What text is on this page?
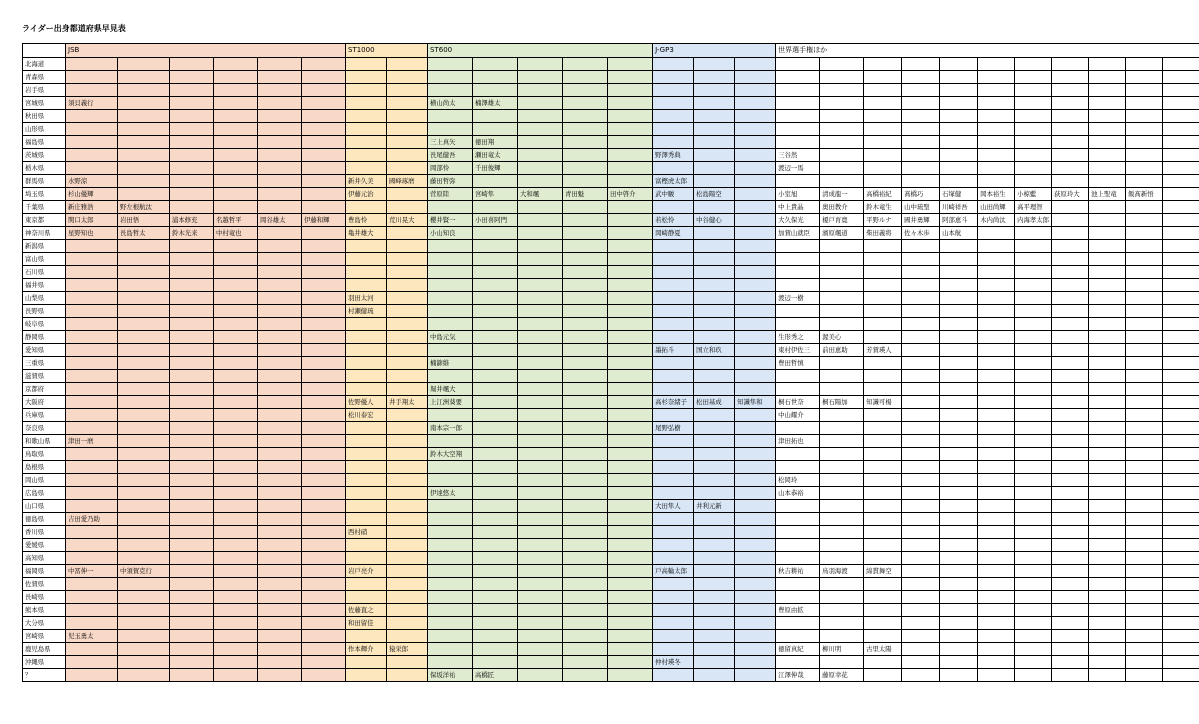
ライダー出身都道府県早見表
	JSB						ST1000		ST600					J-GP3			世界選手権ほか										
北海道																											
青森県																											
岩手県																											
宮城県	須貝義行								横山尚太	楠澤雄太																	
秋田県																											
山形県																											
福島県									三上真矢	徳田翔																	
茨城県									長尾健吾	瀬田竜太				野澤秀典			三谷然										
栃木県									岡部怜	千田俊輝							渡辺一馬										
群馬県	水野涼						新井久美	國峰琢磨	藤田哲弥					富樫虎太郎													
埼玉県	杉山優輝						伊藤元治		菅原陸	宮崎隼	大和颯	青田魁	田中啓介	武中駿	松島陽空		小室旭	清成龍一	高橋裕紀	髙橋巧	石塚健	岡本裕生	小椋藍	荻原玲大	池上聖竜	飯髙新悟	
千葉県	新庄雅浩	野左根航汰															中上貴晶	奥田教介	鈴木竜生	山中琉聖	川崎祥吾	山田尚輝	高平理智				
東京都	関口太郎	岩田悟	浦本修充	名越哲平	岡谷雄太	伊藤和輝	豊島怜	荒川晃大	櫻井賢一	小田喜阿門				若松怜	中谷健心		大久保光	榎戸育寛	平野ルナ	國井勇輝	阿部恵斗	木内尚汰	内海孝太郎				
神奈川県	星野知也	長島哲太	鈴木光来	中村竜也			亀井雄大		小山知良					岡崎静夏			加賀山就臣	濱原颯道	柴田義将	佐々木歩	山本航						
新潟県																											
富山県																											
石川県																											
福井県																											
山梨県							羽田太河										渡辺一樹										
長野県							村瀬健琉																				
岐阜県																											
静岡県									中島元気								生形秀之	渥美心									
愛知県														墨拓斗	国立和玖		東村伊佐三	前田恵助	芳賀瑛人								
三重県									楠篩維								豊田哲慎										
滋賀県																											
京都府									堀井颯大																		
大阪府							佐野優人	井手翔太	上江洲葵要					高杉奈緒子	松田基成	知識隼和	桐石世奈	桐石陽加	知識可楊								
兵庫県							松川泰宏										中山耀介										
奈良県									南本宗一郎					尾野弘樹													
和歌山県	津田一磨																津田拓也										
鳥取県									鈴木大空翔																		
島根県																											
岡山県																	松岡玲										
広島県									伊達悠太								山本恭裕										
山口県														大田隼人	井利元新												
徳島県	吉田愛乃助																										
香川県							西村硝																				
愛媛県																											
高知県																											
福岡県	中冨伸一	中須賀克行					岩戸亮介							戸高輪太郎			秋吉耕祐	鳥羽海渡	綿貫舞空								
佐賀県																											
長崎県																											
熊本県							佐藤直之										豊原由拡										
大分県							和田留佳																				
宮崎県	児玉勇太																										
鹿児島県							作本輝介	猿栄郎									徳留真紀	柳川明	古里太陽								
沖縄県														仲村瑛冬													
？									保坂洋祐	高橋匠							江澤伸哉	藤原幸花									
